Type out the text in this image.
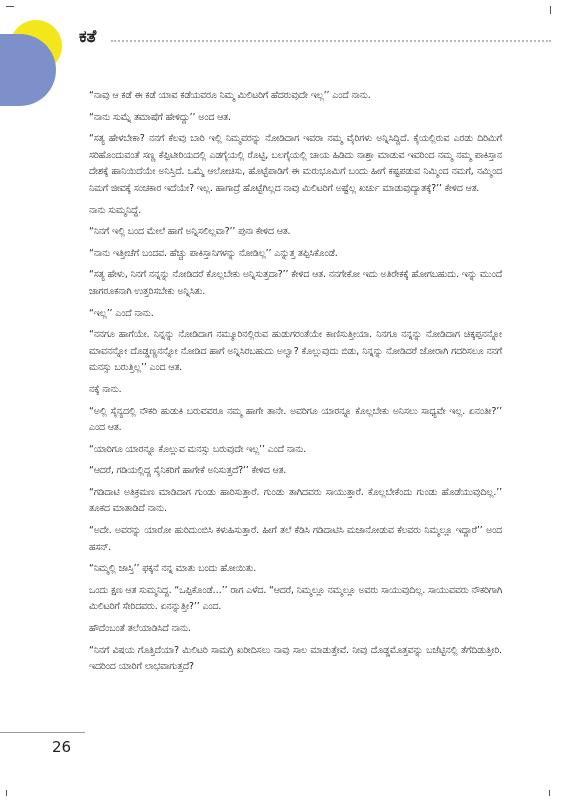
ಕತೆ

“ನಾವು ಆ ಕಡೆ ಈ ಕಡೆ ಯಾವ ಕಡೆಯವರೂ ನಿಮ್ಮ ಮಿಲಿಟರಿಗೆ ಹೆದರುವುದೇ ಇಲ್ಲ’’ ಎಂದೆ ನಾನು.

“ನಾನು ಸುಮ್ನೆ ತಮಾಷೆಗೆ ಹೇಳಿದ್ದು’’ ಅಂದ ಆತ.

“ಸತ್ಯ ಹೇಳಬೇಕಾ? ನನಗೆ ಕೆಲವು ಬಾರಿ ಇಲ್ಲಿ ನಿಮ್ಮವರನ್ನು ನೋಡಿದಾಗ ಇವರಾ ನಮ್ಮ ವೈರಿಗಳು ಅನ್ನಿಸಿದ್ದಿದೆ. ಕೈಯಲ್ಲಿರುವ ಎರಡು ದಿರಿಮಿಗೆ ಸರಿಹೊಂದುವಂತೆ ಸಣ್ಣ ಕೆಪ್ಪಿಟೀರಿಯದಲ್ಲಿ ಎಡಗೈಯಲ್ಲಿ ರೊಟ್ಟಿ, ಬಲಗೈಯಲ್ಲಿ ಚಾಯ ಹಿಡಿದು ನಾಶ್ತಾ ಮಾಡುವ ಇವರಿಂದ ನಮ್ಮ ನಮ್ಮ ಪಾಕಿಸ್ತಾನ ದೇಶಕ್ಕೆ ಹಾನಿಯಿದೆಯೇ ಅನಿಸ್ತಿದೆ. ಒಮ್ಮೆ ಆಲೋಚಿಸು, ಹೊಟ್ಟೆಪಾಡಿಗೆ ಈ ಮರುಭೂಮಿಗೆ ಬಂದು ಹೀಗೆ ಕಷ್ಟಪಡುವ ನಿಮ್ಮಿಂದ ನಮಗೆ, ನಮ್ಮಿಂದ ನಿಮಗೆ ಜೀವಕ್ಕೆ ಸಂಚಕಾರ ಇದೆಯೇ? ಇಲ್ಲ. ಹಾಗಾದ್ರೆ ಹೊಟ್ಟೆಗಿಲ್ಲದ ನಾವು ಮಿಲಿಟರಿಗೆ ಅಷ್ಟೆಲ್ಲ ಖರ್ಚು ಮಾಡುವುದ್ಯಾತಕ್ಕೆ?’’ ಕೇಳಿದ ಆತ.

ನಾನು ಸುಮ್ಮನಿದ್ದೆ.

“ನಿನಗೆ ಇಲ್ಲಿ ಬಂದ ಮೇಲೆ ಹಾಗೆ ಅನ್ನಿಸಲಿಲ್ಲವಾ?’’ ಪುನಃ ಕೇಳಿದ ಆತ.

“ನಾನು ಇತ್ತೀಚೆಗೆ ಬಂದವ. ಹೆಚ್ಚು ಪಾಕಿಸ್ತಾನಿಗಳನ್ನು ನೋಡಿಲ್ಲ’’ ಎನ್ನುತ್ತ ತಪ್ಪಿಸಿಕೊಂಡೆ.

“ಸತ್ಯ ಹೇಳು, ನಿನಗೆ ನನ್ನನ್ನು ನೋಡಿದರೆ ಕೊಲ್ಲಬೇಕು ಅನ್ನಿಸುತ್ತದಾ?’’ ಕೇಳಿದ ಆತ. ನನಗೇಕೋ ಇದು ಅತಿರೇಕಕ್ಕೆ ಹೋಗಬಹುದು. ಇನ್ನು ಮುಂದೆ ಜಾಗರೂಕನಾಗಿ ಉತ್ತರಿಸಬೇಕು ಅನ್ನಿಸಿತು.

“ಇಲ್ಲ’’ ಎಂದೆ ನಾನು.

“ನನಗೂ ಹಾಗೆಯೇ. ನಿನ್ನನ್ನು ನೋಡಿದಾಗ ನಮ್ಮೂರಿನಲ್ಲಿರುವ ಹುಡುಗರಂತೆಯೇ ಕಾಣಿಸುತ್ತೀಯಾ. ನಿನಗೂ ನನ್ನನ್ನು ನೋಡಿದಾಗ ಚಿಕ್ಕಪ್ಪನನ್ನೋ ಮಾವನನ್ನೋ ದೊಡ್ಡಣ್ಣನನ್ನೋ ನೋಡಿದ ಹಾಗೆ ಅನ್ನಿಸಿರಬಹುದು ಅಲ್ವಾ? ಕೊಲ್ಲುವುದು ಬಿಡು, ನಿನ್ನನ್ನು ನೋಡಿದರೆ ಜೋರಾಗಿ ಗದರಿಸಲೂ ನನಗೆ ಮನಸ್ಸು ಬರುತ್ತಿಲ್ಲ’’ ಎಂದ ಆತ.

ನಕ್ಕೆ ನಾನು.

“ಅಲ್ಲಿ ಸೈನ್ಯದಲ್ಲಿ ನೌಕರಿ ಹುಡುಕಿ ಬರುವವರೂ ನಮ್ಮ ಹಾಗೇ ತಾನೇ. ಅವರಿಗೂ ಯಾರನ್ನೂ ಕೊಲ್ಲಬೇಕು ಅನಿಸಲು ಸಾಧ್ಯವೇ ಇಲ್ಲ. ಏನಂತೀ?’’ ಎಂದ ಆತ.

“ಯಾರಿಗೂ ಯಾರನ್ನೂ ಕೊಲ್ಲುವ ಮನಸ್ಸು ಬರುವುದೇ ಇಲ್ಲ’’ ಎಂದೆ ನಾನು.

“ಆದರೆ, ಗಡಿಯಲ್ಲಿದ್ದ ಸೈನಿಕರಿಗೆ ಹಾಗೇಕೆ ಅನಿಸುತ್ತದೆ?’’ ಕೇಳಿದ ಆತ.

“ಗಡಿದಾಟಿ ಅತಿಕ್ರಮಣ ಮಾಡಿದಾಗ ಗುಂಡು ಹಾರಿಸುತ್ತಾರೆ. ಗುಂಡು ತಾಗಿದವರು ಸಾಯುತ್ತಾರೆ. ಕೊಲ್ಲಬೇಕೆಂದು ಗುಂಡು ಹೊಡೆಯುವುದಿಲ್ಲ.’’ ತೂಕದ ಮಾತಾಡಿದೆ ನಾನು.

“ಅದೇ. ಅವರನ್ನು ಯಾರೋ ಹುರಿದುಂಬಿಸಿ ಕಳುಹಿಸುತ್ತಾರೆ. ಹೀಗೆ ತಲೆ ಕೆಡಿಸಿ ಗಡಿದಾಟಿಸಿ ಮಜಾನೋಡುವ ಕೆಲವರು ನಿಮ್ಮಲ್ಲೂ ಇದ್ದಾರೆ’’ ಅಂದ ಹಸನ್.

“ನಿಮ್ಮಲ್ಲಿ ಜಾಸ್ತಿ’’ ಫಕ್ಕನೆ ನನ್ನ ಮಾತು ಬಂದು ಹೋಯಿತು.

ಒಂದು ಕ್ಷಣ ಆತ ಸುಮ್ಮನಿದ್ದ. “ಒಪ್ಪಿಕೊಂಡೆ…’’ ರಾಗ ಎಳೆದ. “ಆದರೆ, ನಿಮ್ಮಲ್ಲೂ ನಮ್ಮಲ್ಲೂ ಅವರು ಸಾಯುವುದಿಲ್ಲ. ಸಾಯುವವರು ನೌಕರಿಗಾಗಿ ಮಿಲಿಟರಿಗೆ ಸೇರಿದವರು. ಏನನ್ನುತ್ತೀ?’’ ಎಂದ.

ಹೌದೆಂಬಂತೆ ತಲೆಯಾಡಿಸಿದೆ ನಾನು.

“ನಿನಗೆ ವಿಷಯ ಗೊತ್ತಿದೆಯಾ? ಮಿಲಿಟರಿ ಸಾಮಗ್ರಿ ಖರೀದಿಸಲು ನಾವು ಸಾಲ ಮಾಡುತ್ತೇವೆ. ನೀವು ದೊಡ್ಡಮೊತ್ತವನ್ನು ಬಜೆಟ್ಟಿನಲ್ಲಿ ತೆಗೆದಿಡುತ್ತೀರಿ. ಇದರಿಂದ ಯಾರಿಗೆ ಲಾಭವಾಗುತ್ತದೆ?

26
